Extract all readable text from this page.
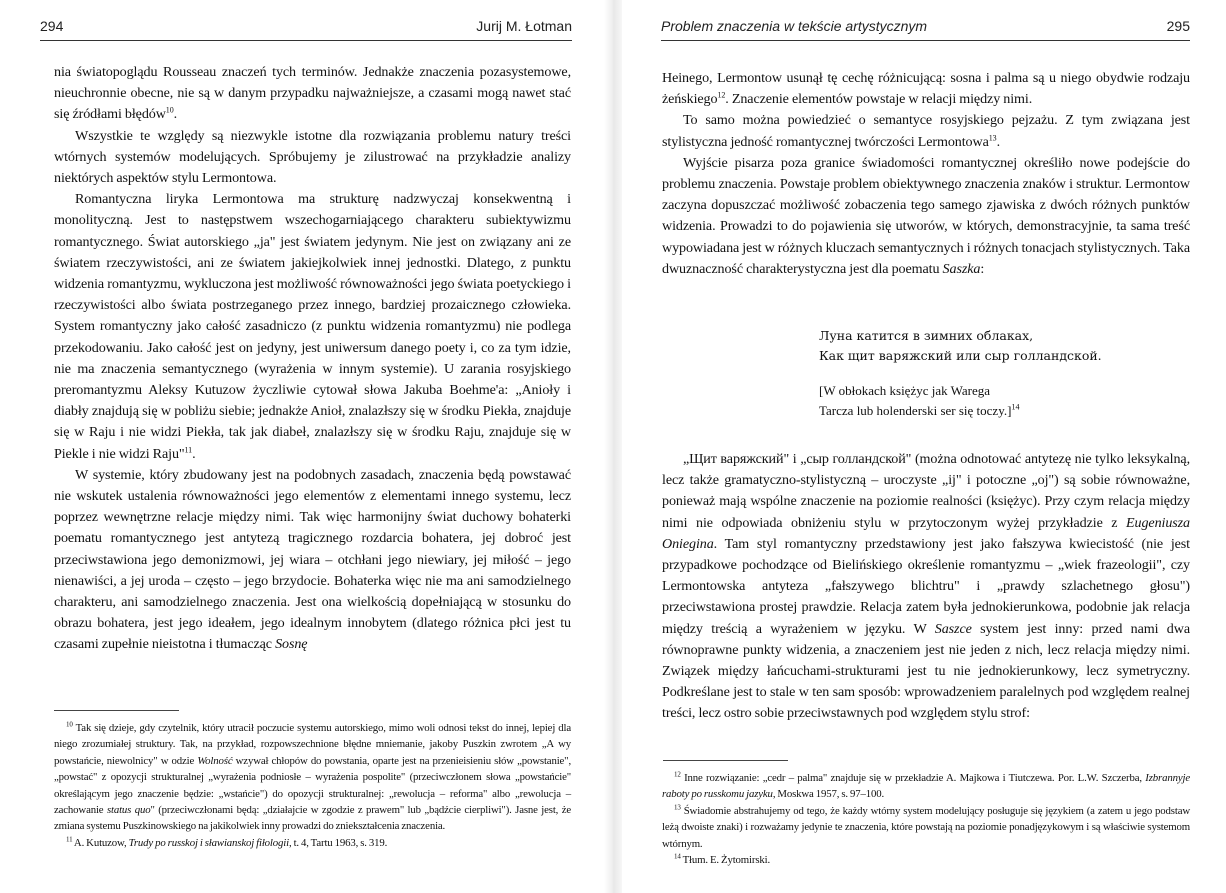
294	Jurij M. Łotman

nia światopoglądu Rousseau znaczeń tych terminów. Jednakże znaczenia pozasystemowe, nieuchronnie obecne, nie są w danym przypadku najważniejsze, a czasami mogą nawet stać się źródłami błędów$^{10}$.

Wszystkie te względy są niezwykle istotne dla rozwiązania problemu natury treści wtórnych systemów modelujących. Spróbujemy je zilustrować na przykładzie analizy niektórych aspektów stylu Lermontowa.

Romantyczna liryka Lermontowa ma strukturę nadzwyczaj konsekwentną i monolityczną. Jest to następstwem wszechogarniającego charakteru subiektywizmu romantycznego. Świat autorskiego „ja" jest światem jedynym. Nie jest on związany ani ze światem rzeczywistości, ani ze światem jakiejkolwiek innej jednostki. Dlatego, z punktu widzenia romantyzmu, wykluczona jest możliwość równoważności jego świata poetyckiego i rzeczywistości albo świata postrzeganego przez innego, bardziej prozaicznego człowieka. System romantyczny jako całość zasadniczo (z punktu widzenia romantyzmu) nie podlega przekodowaniu. Jako całość jest on jedyny, jest uniwersum danego poety i, co za tym idzie, nie ma znaczenia semantycznego (wyrażenia w innym systemie). U zarania rosyjskiego preromantyzmu Aleksy Kutuzow życzliwie cytował słowa Jakuba Boehme'a: „Anioły i diabły znajdują się w pobliżu siebie; jednakże Anioł, znalazłszy się w środku Piekła, znajduje się w Raju i nie widzi Piekła, tak jak diabeł, znalazłszy się w środku Raju, znajduje się w Piekle i nie widzi Raju"$^{11}$.

W systemie, który zbudowany jest na podobnych zasadach, znaczenia będą powstawać nie wskutek ustalenia równoważności jego elementów z elementami innego systemu, lecz poprzez wewnętrzne relacje między nimi. Tak więc harmonijny świat duchowy bohaterki poematu romantycznego jest antytezą tragicznego rozdarcia bohatera, jej dobroć jest przeciwstawiona jego demonizmowi, jej wiara – otchłani jego niewiary, jej miłość – jego nienawiści, a jej uroda – często – jego brzydocie. Bohaterka więc nie ma ani samodzielnego charakteru, ani samodzielnego znaczenia. Jest ona wielkością dopełniającą w stosunku do obrazu bohatera, jest jego ideałem, jego idealnym innobytem (dlatego różnica płci jest tu czasami zupełnie nieistotna i tłumacząc Sosnę

$^{10}$ Tak się dzieje, gdy czytelnik, który utracił poczucie systemu autorskiego, mimo woli odnosi tekst do innej, lepiej dla niego zrozumiałej struktury. Tak, na przykład, rozpowszechnione błędne mniemanie, jakoby Puszkin zwrotem „A wy powstańcie, niewolnicy" w odzie Wolność wzywał chłopów do powstania, oparte jest na przenieisieniu słów „powstanie", „powstać" z opozycji strukturalnej „wyrażenia podniosłe – wyrażenia pospolite" (przeciwczłonem słowa „powstańcie" określającym jego znaczenie będzie: „wstańcie") do opozycji strukturalnej: „rewolucja – reforma" albo „rewolucja – zachowanie status quo" (przeciwczłonami będą: „działajcie w zgodzie z prawem" lub „bądźcie cierpliwi"). Jasne jest, że zmiana systemu Puszkinowskiego na jakikolwiek inny prowadzi do zniekształcenia znaczenia.

$^{11}$ A. Kutuzow, Trudy po russkoj i sławianskoj fiłologii, t. 4, Tartu 1963, s. 319.

Problem znaczenia w tekście artystycznym	295

Heinego, Lermontow usunął tę cechę różnicującą: sosna i palma są u niego obydwie rodzaju żeńskiego$^{12}$. Znaczenie elementów powstaje w relacji między nimi.

To samo można powiedzieć o semantyce rosyjskiego pejzażu. Z tym związana jest stylistyczna jedność romantycznej twórczości Lermontowa$^{13}$.

Wyjście pisarza poza granice świadomości romantycznej określiło nowe podejście do problemu znaczenia. Powstaje problem obiektywnego znaczenia znaków i struktur. Lermontow zaczyna dopuszczać możliwość zobaczenia tego samego zjawiska z dwóch różnych punktów widzenia. Prowadzi to do pojawienia się utworów, w których, demonstracyjnie, ta sama treść wypowiadana jest w różnych kluczach semantycznych i różnych tonacjach stylistycznych. Taka dwuznaczność charakterystyczna jest dla poematu Saszka:

Луна катится в зимних облаках,
Как щит варяжский или сыр голландской.
[W obłokach księżyc jak Warega
Tarcza lub holenderski ser się toczy.]$^{14}$

„Щит варяжский" i „сыр голландской" (można odnotować antytezę nie tylko leksykalną, lecz także gramatyczno-stylistyczną – uroczyste „ij" i potoczne „oj") są sobie równoważne, ponieważ mają wspólne znaczenie na poziomie realności (księżyc). Przy czym relacja między nimi nie odpowiada obniżeniu stylu w przytoczonym wyżej przykładzie z Eugeniusza Oniegina. Tam styl romantyczny przedstawiony jest jako fałszywa kwiecistość (nie jest przypadkowe pochodzące od Bielińskiego określenie romantyzmu – „wiek frazeologii", czy Lermontowska antyteza „fałszywego blichtru" i „prawdy szlachetnego głosu") przeciwstawiona prostej prawdzie. Relacja zatem była jednokierunkowa, podobnie jak relacja między treścią a wyrażeniem w języku. W Saszce system jest inny: przed nami dwa równoprawne punkty widzenia, a znaczeniem jest nie jeden z nich, lecz relacja między nimi. Związek między łańcuchami-strukturami jest tu nie jednokierunkowy, lecz symetryczny. Podkreślane jest to stale w ten sam sposób: wprowadzeniem paralelnych pod względem realnej treści, lecz ostro sobie przeciwstawnych pod względem stylu strof:

$^{12}$ Inne rozwiązanie: „cedr – palma" znajduje się w przekładzie A. Majkowa i Tiutczewa. Por. L.W. Szczerba, Izbrannyje raboty po russkomu jazyku, Moskwa 1957, s. 97–100.

$^{13}$ Świadomie abstrahujemy od tego, że każdy wtórny system modelujący posługuje się językiem (a zatem u jego podstaw leżą dwoiste znaki) i rozważamy jedynie te znaczenia, które powstają na poziomie ponadjęzykowym i są właściwie systemom wtórnym.

$^{14}$ Tłum. E. Żytomirski.
